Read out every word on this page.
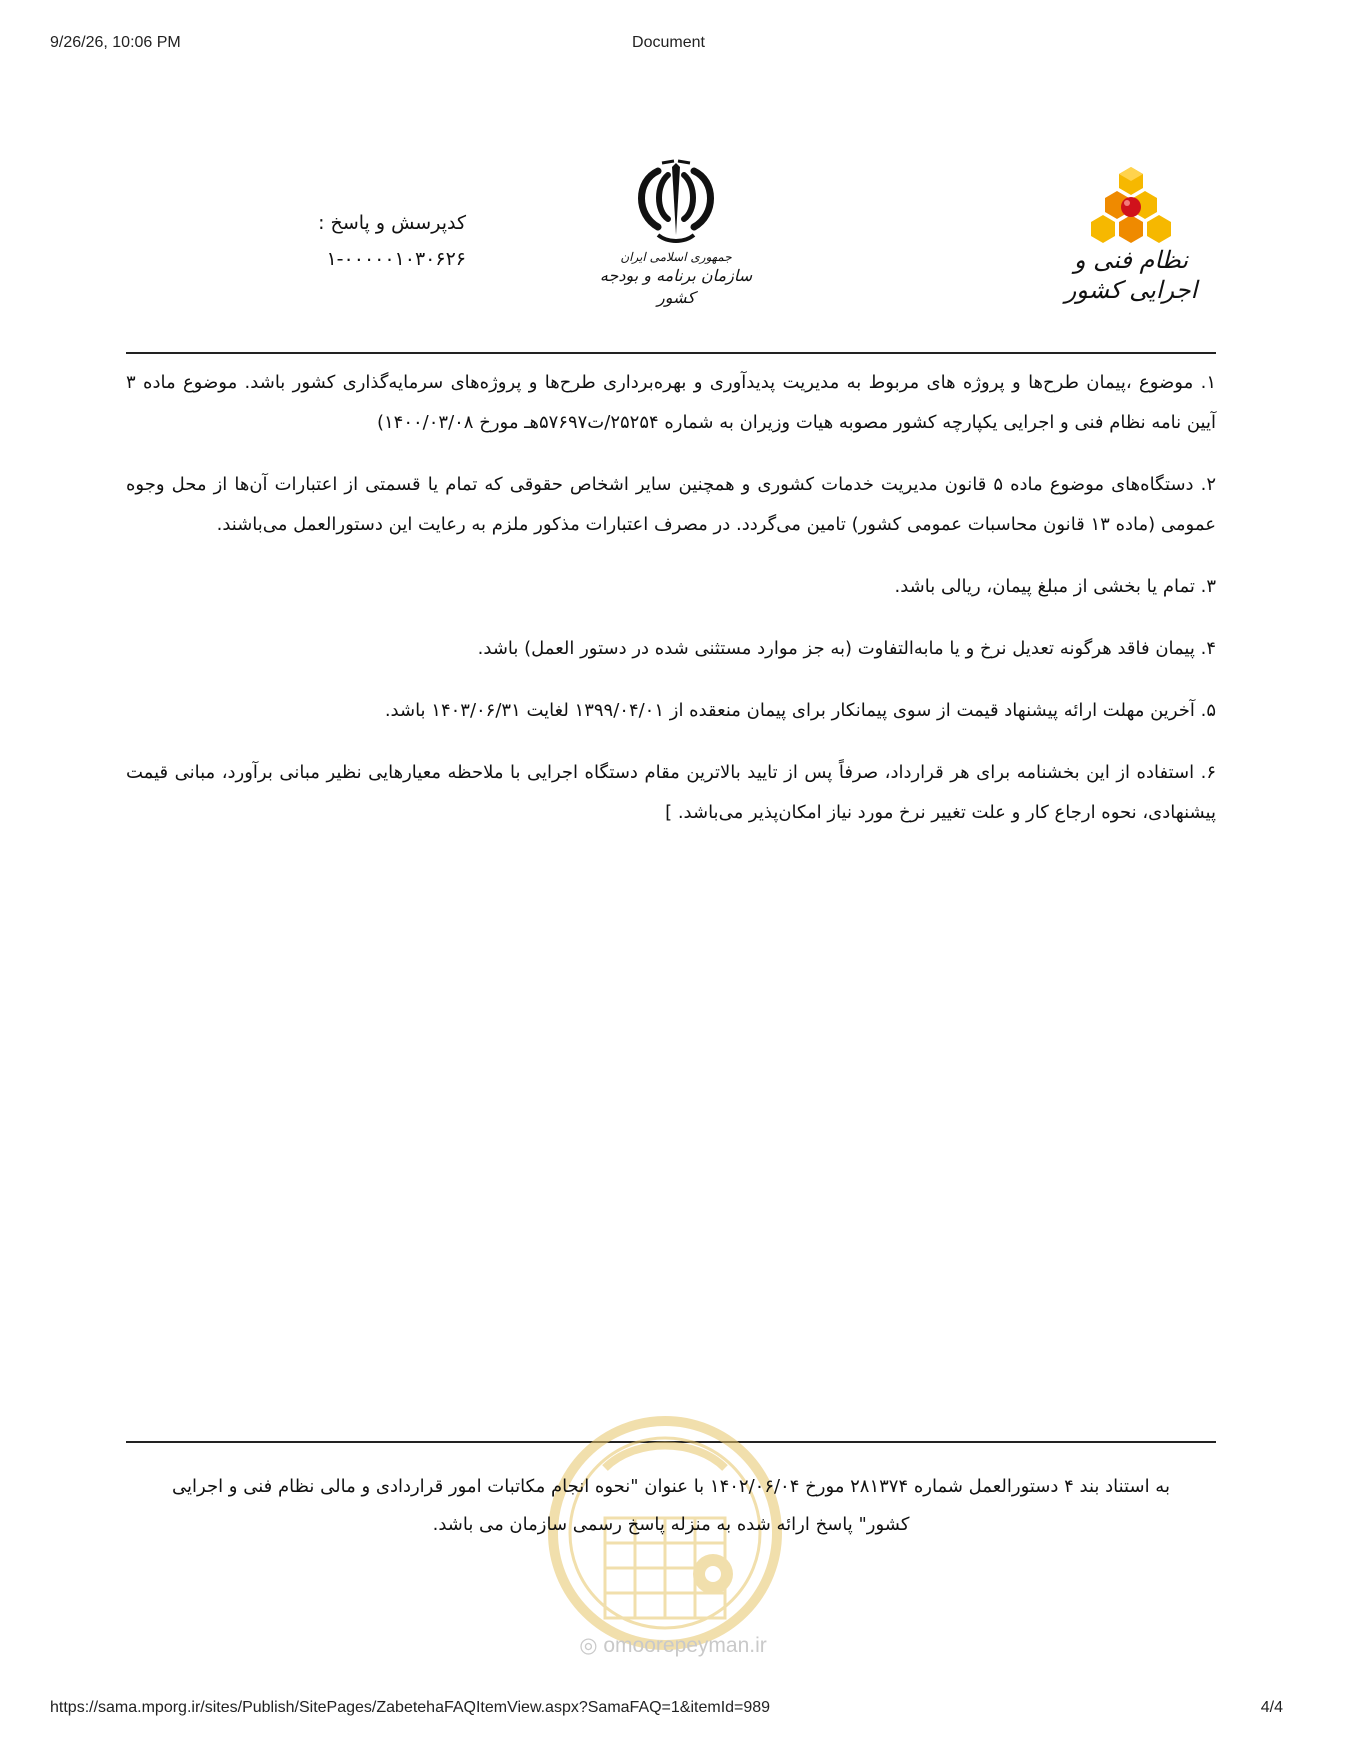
9/26/26, 10:06 PM	Document
کدپرسش و پاسخ :
۱-۰۰۰۰۰۱۰۳۰۶۲۶	جمهوری اسلامی ایران
سازمان برنامه و بودجه کشور
نظام فنی و اجرایی کشور

۱. موضوع ،پیمان طرح‌ها و پروژه های مربوط به مدیریت پدیدآوری و بهره‌برداری طرح‌ها و پروژه‌های سرمایه‌گذاری کشور باشد. موضوع ماده ۳ آیین نامه نظام فنی و اجرایی یکپارچه کشور مصوبه هیات وزیران به شماره ۲۵۲۵۴/ت۵۷۶۹۷هـ مورخ ۱۴۰۰/۰۳/۰۸)

۲. دستگاه‌های موضوع ماده ۵ قانون مدیریت خدمات کشوری و همچنین سایر اشخاص حقوقی که تمام یا قسمتی از اعتبارات آن‌ها از محل وجوه عمومی (ماده ۱۳ قانون محاسبات عمومی کشور) تامین می‌گردد. در مصرف اعتبارات مذکور ملزم به رعایت این دستورالعمل می‌باشند.

۳. تمام یا بخشی از مبلغ پیمان، ریالی باشد.

۴. پیمان فاقد هرگونه تعدیل نرخ و یا مابه‌التفاوت (به جز موارد مستثنی شده در دستور العمل) باشد.

۵. آخرین مهلت ارائه پیشنهاد قیمت از سوی پیمانکار برای پیمان منعقده از ۱۳۹۹/۰۴/۰۱ لغایت ۱۴۰۳/۰۶/۳۱ باشد.

۶. استفاده از این بخشنامه برای هر قرارداد، صرفاً پس از تایید بالاترین مقام دستگاه اجرایی با ملاحظه معیارهایی نظیر مبانی برآورد، مبانی قیمت پیشنهادی، نحوه ارجاع کار و علت تغییر نرخ مورد نیاز امکان‌پذیر می‌باشد. ]

به استناد بند ۴ دستورالعمل شماره ۲۸۱۳۷۴ مورخ ۱۴۰۲/۰۶/۰۴ با عنوان "نحوه انجام مکاتبات امور قراردادی و مالی نظام فنی و اجرایی
کشور" پاسخ ارائه شده به منزله پاسخ رسمی سازمان می باشد.
◎ omoorepeyman.ir
https://sama.mporg.ir/sites/Publish/SitePages/ZabetehaFAQItemView.aspx?SamaFAQ=1&itemId=989	4/4
